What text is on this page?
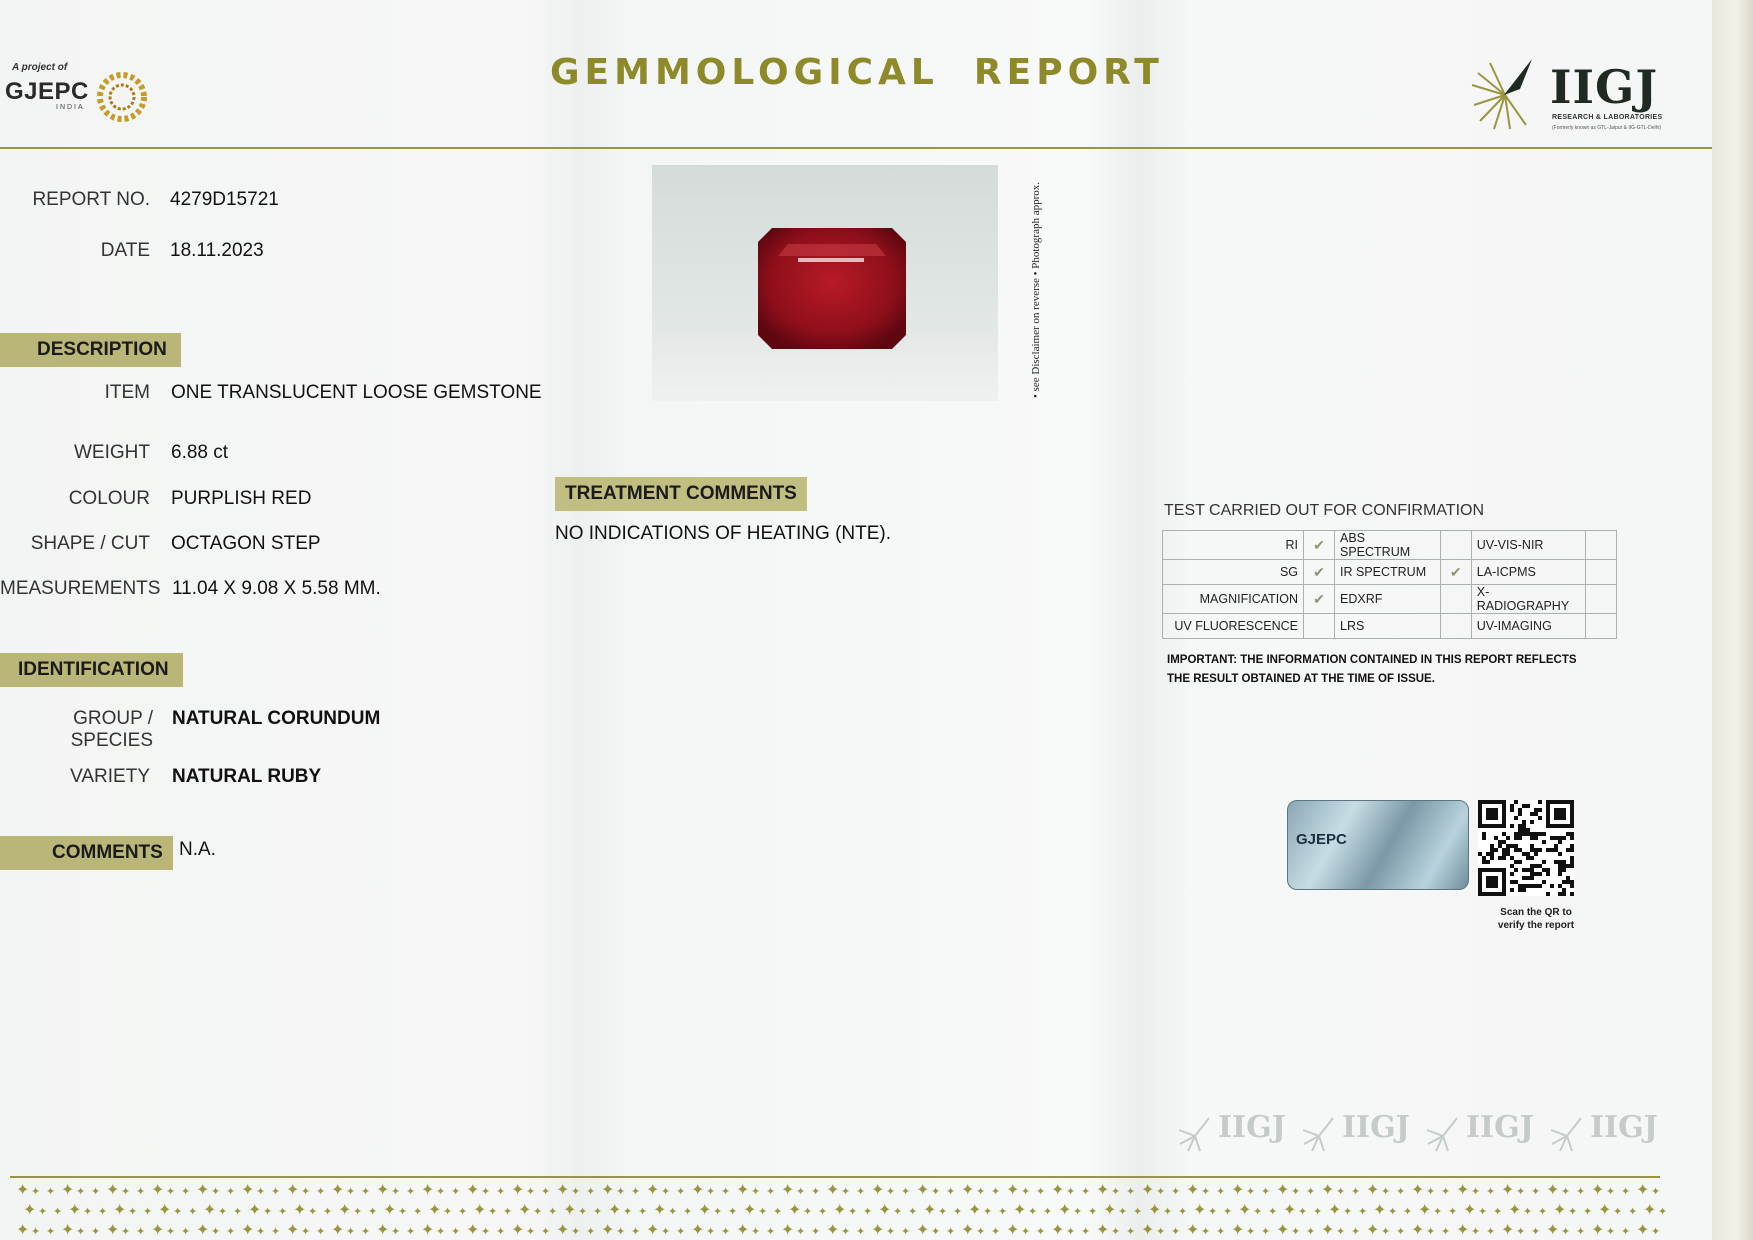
A project of
GJEPC
INDIA
GEMMOLOGICAL  REPORT	IIGJ
RESEARCH & LABORATORIES
(Formerly known as GTL-Jaipur & IIG-GTL-Delhi)
REPORT NO. 4279D15721
DATE 18.11.2023
DESCRIPTION
ITEM ONE TRANSLUCENT LOOSE GEMSTONE
WEIGHT 6.88 ct
COLOUR PURPLISH RED
SHAPE / CUT OCTAGON STEP
MEASUREMENTS 11.04 X 9.08 X 5.58 MM.
IDENTIFICATION
GROUP / SPECIES
NATURAL CORUNDUM
VARIETY NATURAL RUBY
COMMENTS N.A.
• see Disclaimer on reverse • Photograph approx.
TREATMENT COMMENTS
NO INDICATIONS OF HEATING (NTE).
TEST CARRIED OUT FOR CONFIRMATION
RI	✔	ABS SPECTRUM		UV-VIS-NIR	
SG	✔	IR SPECTRUM	✔	LA-ICPMS	
MAGNIFICATION	✔	EDXRF		X-RADIOGRAPHY	
UV FLUORESCENCE		LRS		UV-IMAGING	
IMPORTANT: THE INFORMATION CONTAINED IN THIS REPORT REFLECTS THE RESULT OBTAINED AT THE TIME OF ISSUE.
GJEPC
Scan the QR to
verify the report
IIGJ IIGJ IIGJ IIGJ
✦ ✦ ✦ ✦ ✦ ✦ ✦ ✦ ✦ ✦ ✦ ✦ ✦ ✦ ✦ ✦ ✦ ✦ ✦ ✦ ✦ ✦ ✦ ✦ ✦ ✦ ✦ ✦ ✦ ✦ ✦ ✦ ✦ ✦ ✦ ✦ ✦ ✦ ✦ ✦ ✦ ✦ ✦ ✦ ✦ ✦ ✦ ✦ ✦ ✦ ✦ ✦ ✦ ✦ ✦ ✦ ✦ ✦ ✦ ✦ ✦ ✦ ✦ ✦ ✦ ✦ ✦ ✦ ✦ ✦ ✦ ✦ ✦ ✦ ✦ ✦ ✦ ✦ ✦ ✦ ✦ ✦ ✦ ✦ ✦ ✦ ✦ ✦ ✦ ✦ ✦ ✦ ✦ ✦ ✦ ✦ ✦ ✦ ✦ ✦ ✦ ✦ ✦ ✦ ✦ ✦ ✦ ✦ ✦ ✦
✦ ✦ ✦ ✦ ✦ ✦ ✦ ✦ ✦ ✦ ✦ ✦ ✦ ✦ ✦ ✦ ✦ ✦ ✦ ✦ ✦ ✦ ✦ ✦ ✦ ✦ ✦ ✦ ✦ ✦ ✦ ✦ ✦ ✦ ✦ ✦ ✦ ✦ ✦ ✦ ✦ ✦ ✦ ✦ ✦ ✦ ✦ ✦ ✦ ✦ ✦ ✦ ✦ ✦ ✦ ✦ ✦ ✦ ✦ ✦ ✦ ✦ ✦ ✦ ✦ ✦ ✦ ✦ ✦ ✦ ✦ ✦ ✦ ✦ ✦ ✦ ✦ ✦ ✦ ✦ ✦ ✦ ✦ ✦ ✦ ✦ ✦ ✦ ✦ ✦ ✦ ✦ ✦ ✦ ✦ ✦ ✦ ✦ ✦ ✦ ✦ ✦ ✦ ✦ ✦ ✦ ✦ ✦ ✦ ✦
✦ ✦ ✦ ✦ ✦ ✦ ✦ ✦ ✦ ✦ ✦ ✦ ✦ ✦ ✦ ✦ ✦ ✦ ✦ ✦ ✦ ✦ ✦ ✦ ✦ ✦ ✦ ✦ ✦ ✦ ✦ ✦ ✦ ✦ ✦ ✦ ✦ ✦ ✦ ✦ ✦ ✦ ✦ ✦ ✦ ✦ ✦ ✦ ✦ ✦ ✦ ✦ ✦ ✦ ✦ ✦ ✦ ✦ ✦ ✦ ✦ ✦ ✦ ✦ ✦ ✦ ✦ ✦ ✦ ✦ ✦ ✦ ✦ ✦ ✦ ✦ ✦ ✦ ✦ ✦ ✦ ✦ ✦ ✦ ✦ ✦ ✦ ✦ ✦ ✦ ✦ ✦ ✦ ✦ ✦ ✦ ✦ ✦ ✦ ✦ ✦ ✦ ✦ ✦ ✦ ✦ ✦ ✦ ✦ ✦
